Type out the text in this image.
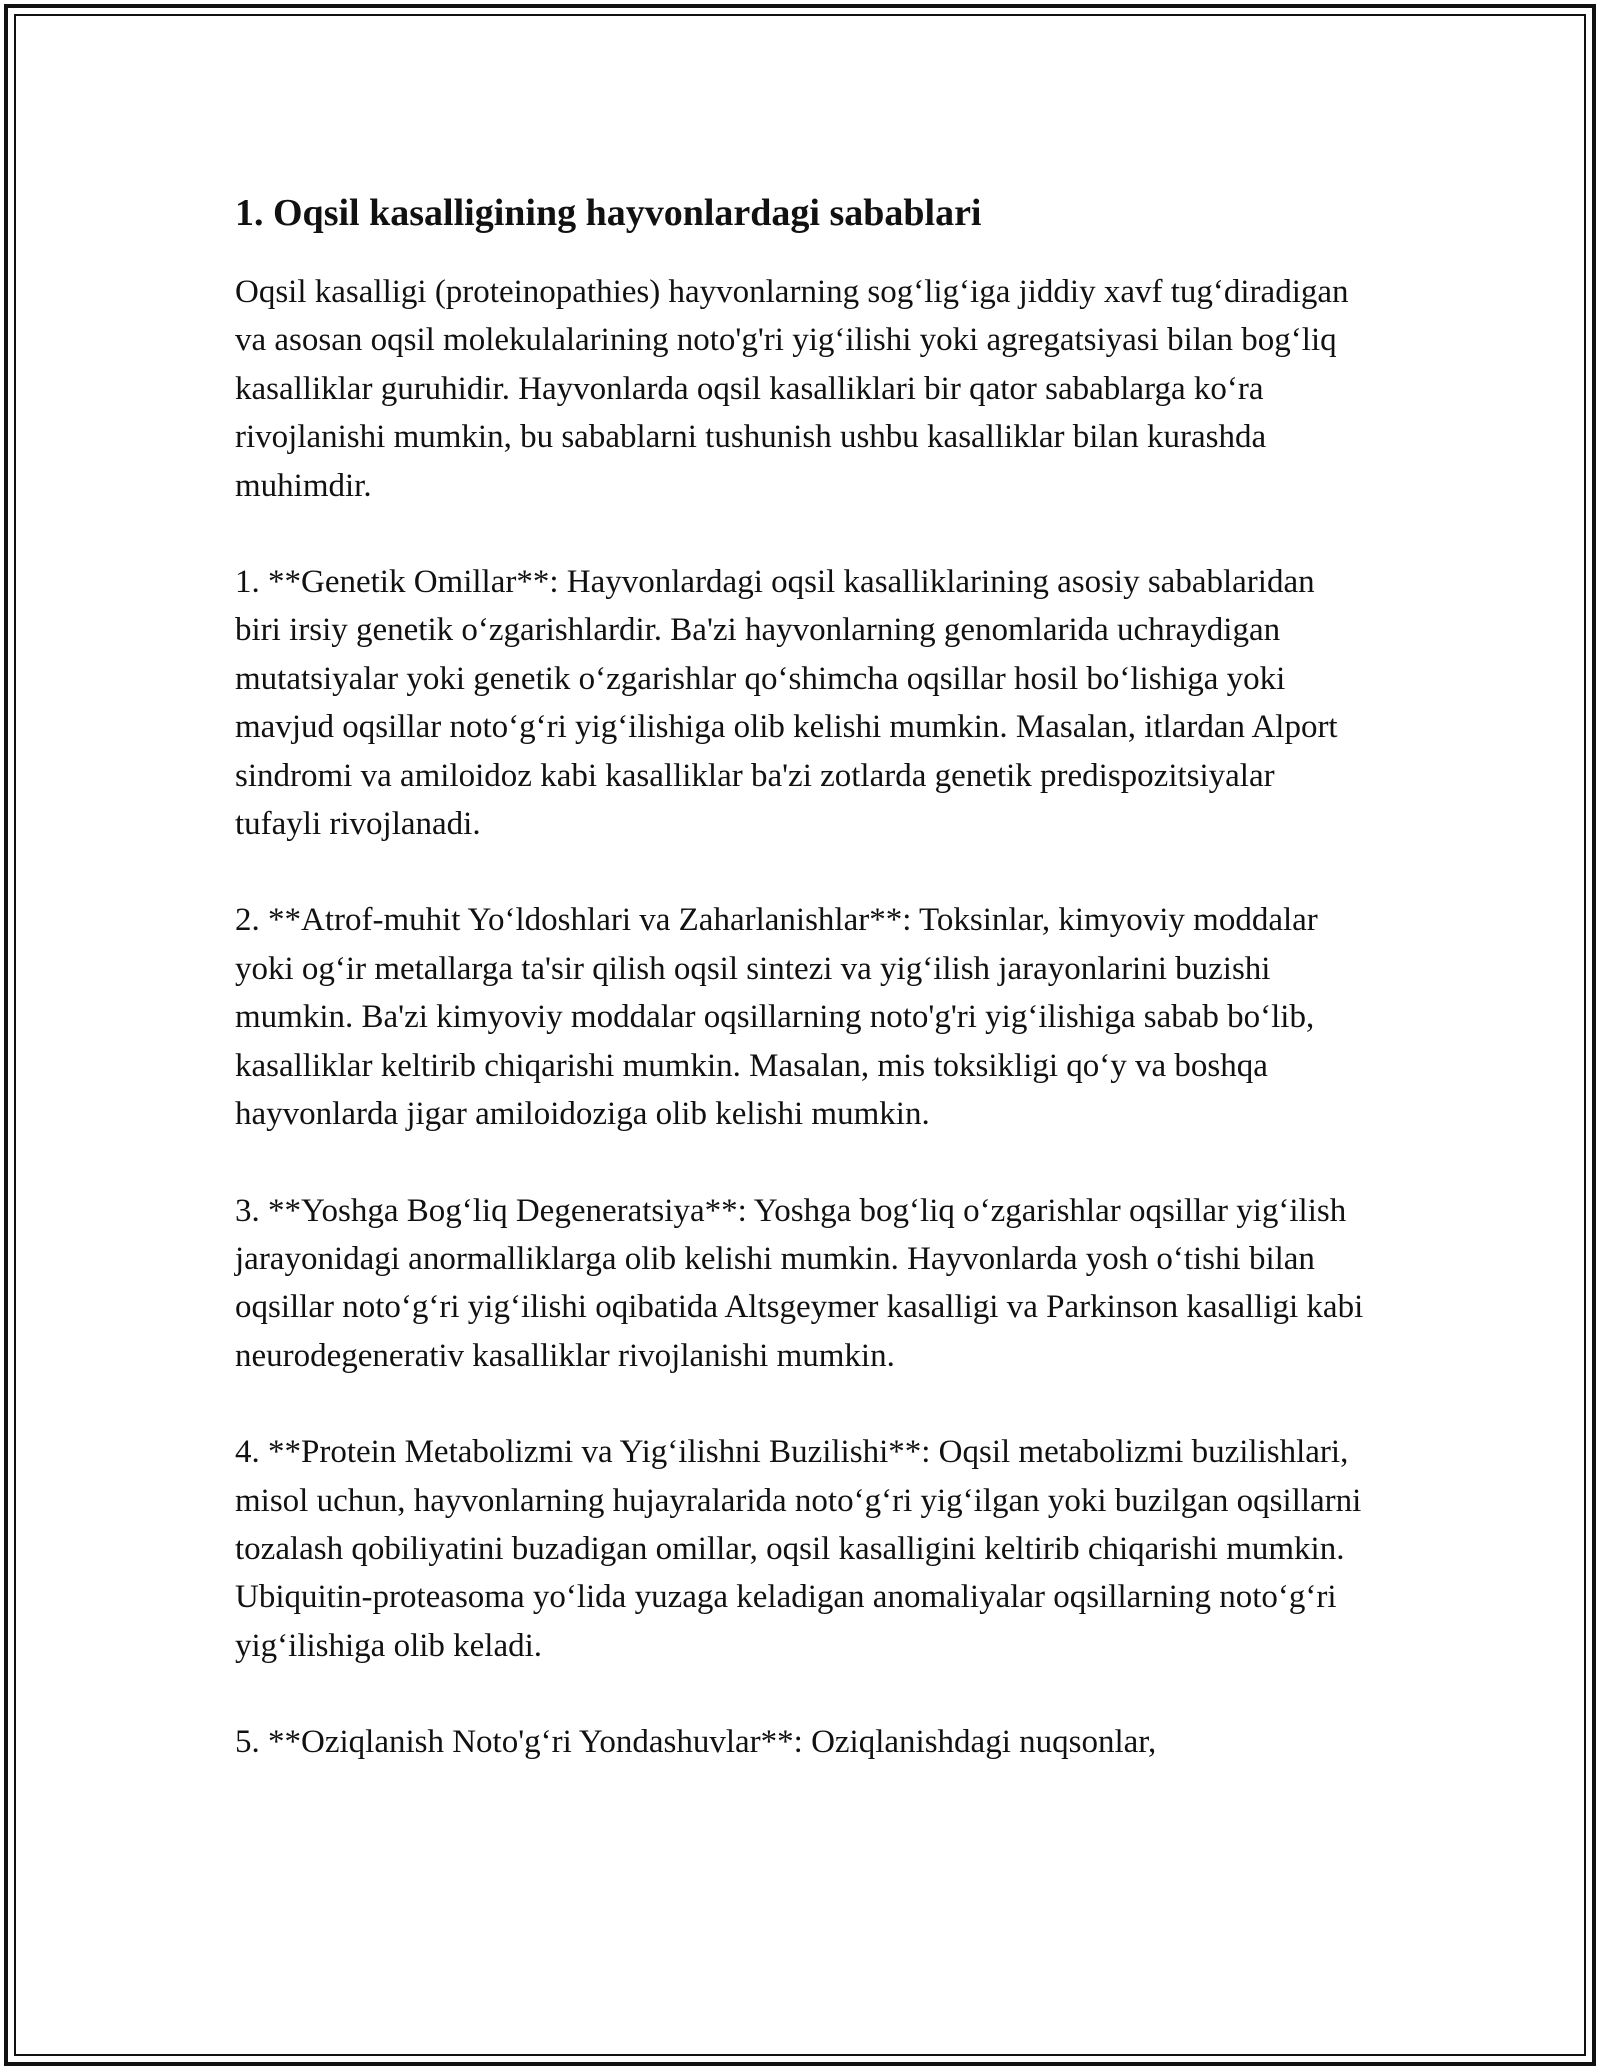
1. Oqsil kasalligining hayvonlardagi sabablari

Oqsil kasalligi (proteinopathies) hayvonlarning sog‘lig‘iga jiddiy xavf tug‘diradigan va asosan oqsil molekulalarining noto'g'ri yig‘ilishi yoki agregatsiyasi bilan bog‘liq kasalliklar guruhidir. Hayvonlarda oqsil kasalliklari bir qator sabablarga ko‘ra rivojlanishi mumkin, bu sabablarni tushunish ushbu kasalliklar bilan kurashda muhimdir.

1. **Genetik Omillar**: Hayvonlardagi oqsil kasalliklarining asosiy sabablaridan biri irsiy genetik o‘zgarishlardir. Ba'zi hayvonlarning genomlarida uchraydigan mutatsiyalar yoki genetik o‘zgarishlar qo‘shimcha oqsillar hosil bo‘lishiga yoki mavjud oqsillar noto‘g‘ri yig‘ilishiga olib kelishi mumkin. Masalan, itlardan Alport sindromi va amiloidoz kabi kasalliklar ba'zi zotlarda genetik predispozitsiyalar tufayli rivojlanadi.

2. **Atrof-muhit Yo‘ldoshlari va Zaharlanishlar**: Toksinlar, kimyoviy moddalar yoki og‘ir metallarga ta'sir qilish oqsil sintezi va yig‘ilish jarayonlarini buzishi mumkin. Ba'zi kimyoviy moddalar oqsillarning noto'g'ri yig‘ilishiga sabab bo‘lib, kasalliklar keltirib chiqarishi mumkin. Masalan, mis toksikligi qo‘y va boshqa hayvonlarda jigar amiloidoziga olib kelishi mumkin.

3. **Yoshga Bog‘liq Degeneratsiya**: Yoshga bog‘liq o‘zgarishlar oqsillar yig‘ilish jarayonidagi anormalliklarga olib kelishi mumkin. Hayvonlarda yosh o‘tishi bilan oqsillar noto‘g‘ri yig‘ilishi oqibatida Altsgeymer kasalligi va Parkinson kasalligi kabi neurodegenerativ kasalliklar rivojlanishi mumkin.

4. **Protein Metabolizmi va Yig‘ilishni Buzilishi**: Oqsil metabolizmi buzilishlari, misol uchun, hayvonlarning hujayralarida noto‘g‘ri yig‘ilgan yoki buzilgan oqsillarni tozalash qobiliyatini buzadigan omillar, oqsil kasalligini keltirib chiqarishi mumkin. Ubiquitin-proteasoma yo‘lida yuzaga keladigan anomaliyalar oqsillarning noto‘g‘ri yig‘ilishiga olib keladi.

5. **Oziqlanish Noto'g‘ri Yondashuvlar**: Oziqlanishdagi nuqsonlar,
